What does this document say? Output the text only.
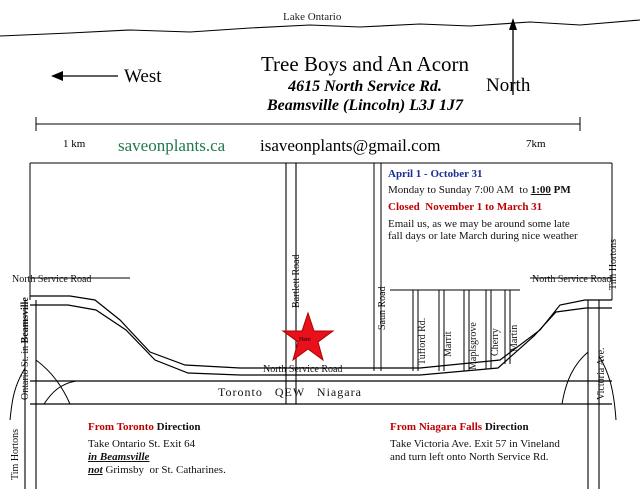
Lake Ontario
Tree Boys and An Acorn
4615 North Service Rd.
Beamsville (Lincoln) L3J 1J7
West	North
saveonplants.ca isaveonplants@gmail.com
1 km	7km
April 1 - October 31
Monday to Sunday 7:00 AM  to 1:00 PM
Closed  November 1 to March 31
Email us, as we may be around some late
fall days or late March during nice weather
North Service Road
North Service Road
North Service Road
Toronto   QEW   Niagara
Bartlett Road
Saun Road
Tufford Rd. Marrit Maplsgrove Cherry Martin
Ontario St. in Beamsville
Victoria Ave.
Tim Hortons
Tim Hortons
Here
From Toronto Direction
Take Ontario St. Exit 64
in Beamsville
not Grimsby  or St. Catharines.
From Niagara Falls Direction
Take Victoria Ave. Exit 57 in Vineland
and turn left onto North Service Rd.
